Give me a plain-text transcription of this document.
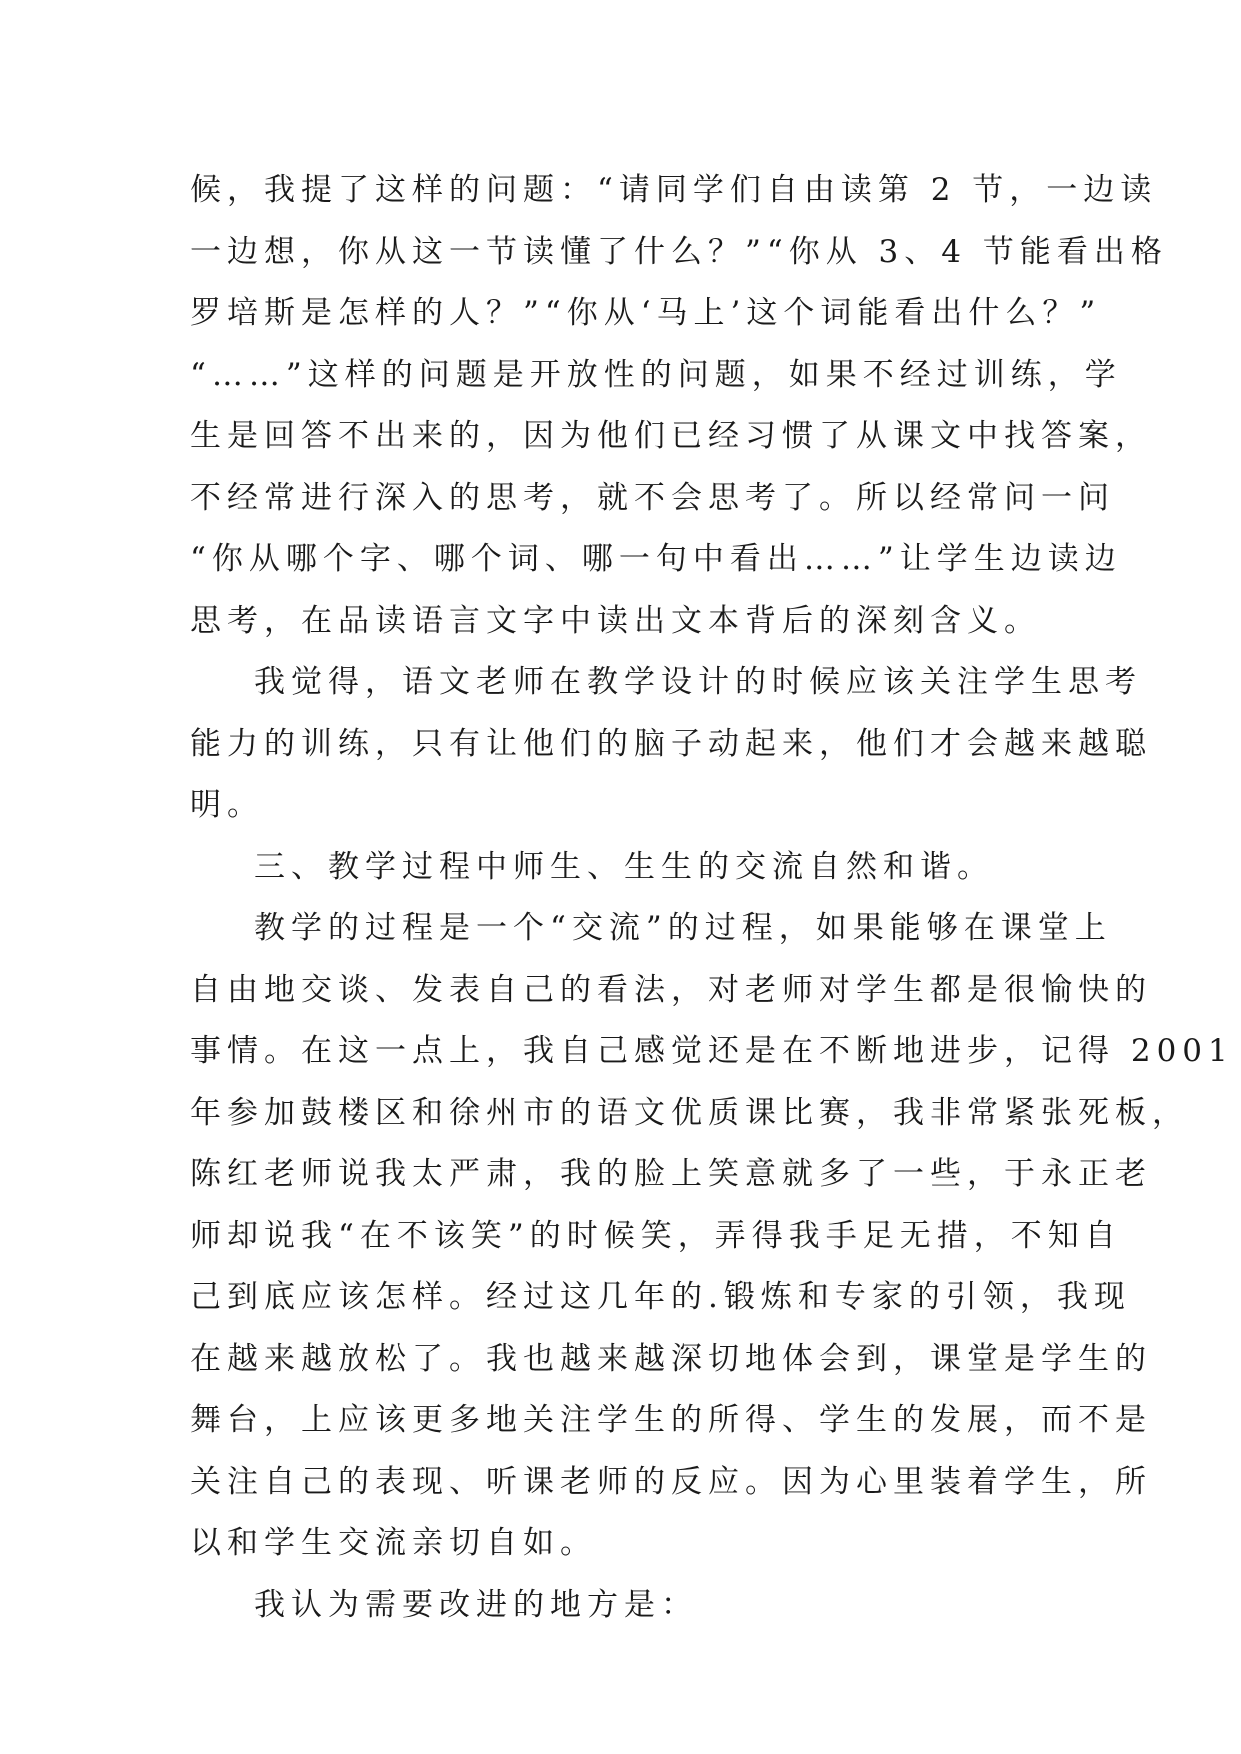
候，我提了这样的问题：“请同学们自由读第 2 节，一边读
一边想，你从这一节读懂了什么？”“你从 3、4 节能看出格
罗培斯是怎样的人？”“你从‘马上’这个词能看出什么？”
“……”这样的问题是开放性的问题，如果不经过训练，学
生是回答不出来的，因为他们已经习惯了从课文中找答案，
不经常进行深入的思考，就不会思考了。所以经常问一问
“你从哪个字、哪个词、哪一句中看出……”让学生边读边
思考，在品读语言文字中读出文本背后的深刻含义。
我觉得，语文老师在教学设计的时候应该关注学生思考
能力的训练，只有让他们的脑子动起来，他们才会越来越聪
明。
三、教学过程中师生、生生的交流自然和谐。
教学的过程是一个“交流”的过程，如果能够在课堂上
自由地交谈、发表自己的看法，对老师对学生都是很愉快的
事情。在这一点上，我自己感觉还是在不断地进步，记得 2001
年参加鼓楼区和徐州市的语文优质课比赛，我非常紧张死板，
陈红老师说我太严肃，我的脸上笑意就多了一些，于永正老
师却说我“在不该笑”的时候笑，弄得我手足无措，不知自
己到底应该怎样。经过这几年的.锻炼和专家的引领，我现
在越来越放松了。我也越来越深切地体会到，课堂是学生的
舞台，上应该更多地关注学生的所得、学生的发展，而不是
关注自己的表现、听课老师的反应。因为心里装着学生，所
以和学生交流亲切自如。
我认为需要改进的地方是：
